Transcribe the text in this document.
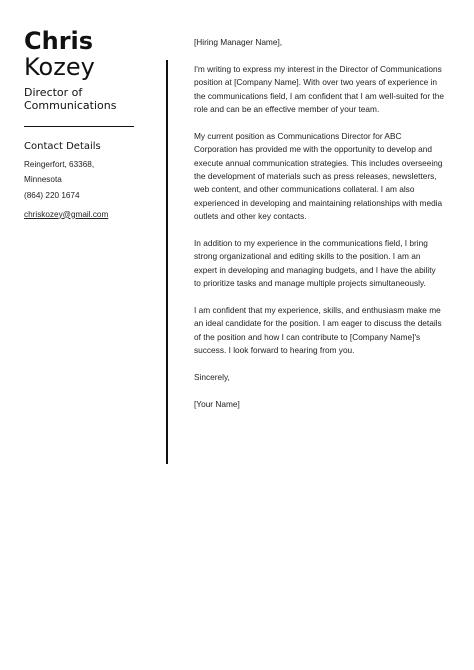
Chris
Kozey
Director of Communications
Contact Details
Reingerfort, 63368,
Minnesota
(864) 220 1674
chriskozey@gmail.com

[Hiring Manager Name],

I'm writing to express my interest in the Director of Communications position at [Company Name]. With over two years of experience in the communications field, I am confident that I am well-suited for the role and can be an effective member of your team.

My current position as Communications Director for ABC Corporation has provided me with the opportunity to develop and execute annual communication strategies. This includes overseeing the development of materials such as press releases, newsletters, web content, and other communications collateral. I am also experienced in developing and maintaining relationships with media outlets and other key contacts.

In addition to my experience in the communications field, I bring strong organizational and editing skills to the position. I am an expert in developing and managing budgets, and I have the ability to prioritize tasks and manage multiple projects simultaneously.

I am confident that my experience, skills, and enthusiasm make me an ideal candidate for the position. I am eager to discuss the details of the position and how I can contribute to [Company Name]'s success. I look forward to hearing from you.

Sincerely,

[Your Name]
